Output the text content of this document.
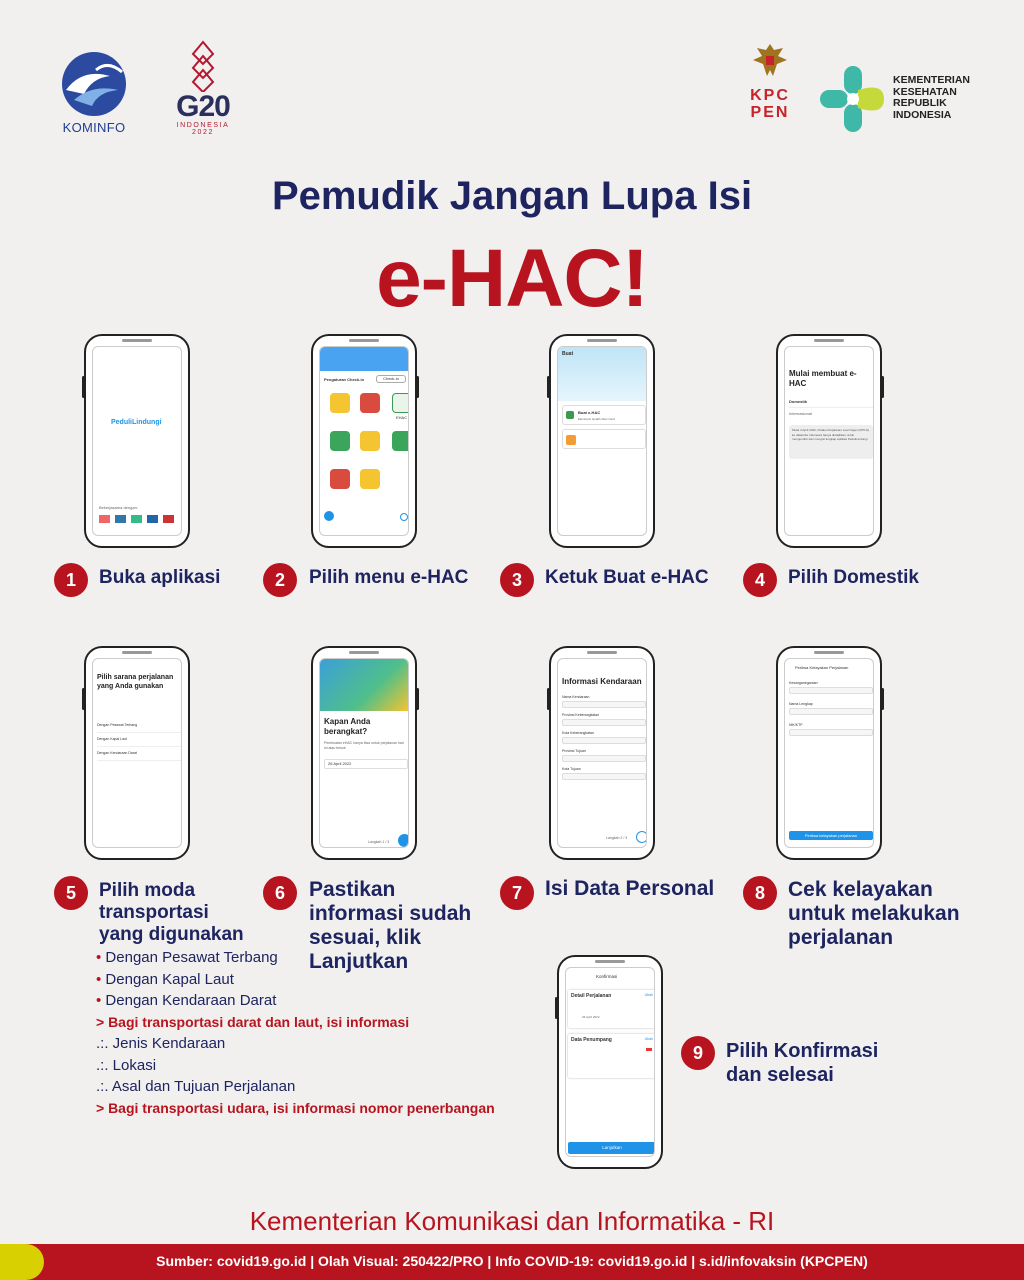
KOMINFO
G20
INDONESIA
2022
KPC
PEN
KEMENTERIAN
KESEHATAN
REPUBLIK
INDONESIA
Pemudik Jangan Lupa Isi
e-HAC!
PeduliLindungi
Bekerjasama dengan:
Pengaturan Check-in	Check-in
EHAC
Buat
Buat e-HAC
Electronic Health Alert Card
Mulai membuat e-HAC
Domestik
Internasional
Mulai 4 April 2022, Pelaku Perjalanan Luar Negeri (PPLN) ke dalam/ke Indonesia hanya diwajibkan untuk mengunduh dan mengisi lengkap aplikasi PeduliLindungi
1	Buka aplikasi	2	Pilih menu e-HAC	3	Ketuk Buat e-HAC	4	Pilih Domestik
Pilih sarana perjalanan yang Anda gunakan
Dengan Pesawat Terbang
Dengan Kapal Laut
Dengan Kendaraan Darat
Kapan Anda berangkat?
Pembuatan eHAC hanya bisa untuk perjalanan hari ini atau besok
26 April 2022
Langkah 1 / 3
Informasi Kendaraan
Nama Kendaraan
Provinsi Keberangkatan
Kota Keberangkatan
Provinsi Tujuan
Kota Tujuan
Langkah 2 / 3
Periksa Kelayakan Perjalanan
Kewarganegaraan
Nama Lengkap
NIK/KTP
Periksa kelayakan perjalanan
5	Pilih moda
transportasi
yang digunakan
6	Pastikan
informasi sudah
sesuai, klik
Lanjutkan
7	Isi Data Personal	8	Cek kelayakan
untuk melakukan
perjalanan
• Dengan Pesawat Terbang
• Dengan Kapal Laut
• Dengan Kendaraan Darat
> Bagi transportasi darat dan laut, isi informasi
.:. Jenis Kendaraan
.:. Lokasi
.:. Asal dan Tujuan Perjalanan
> Bagi transportasi udara, isi informasi nomor penerbangan
Konfirmasi
Detail Perjalanan	Ubah
26 April 2022
Data Penumpang	Ubah
Lanjutkan
9	Pilih Konfirmasi
dan selesai
Kementerian Komunikasi dan Informatika - RI
Sumber: covid19.go.id | Olah Visual: 250422/PRO | Info COVID-19: covid19.go.id | s.id/infovaksin (KPCPEN)
